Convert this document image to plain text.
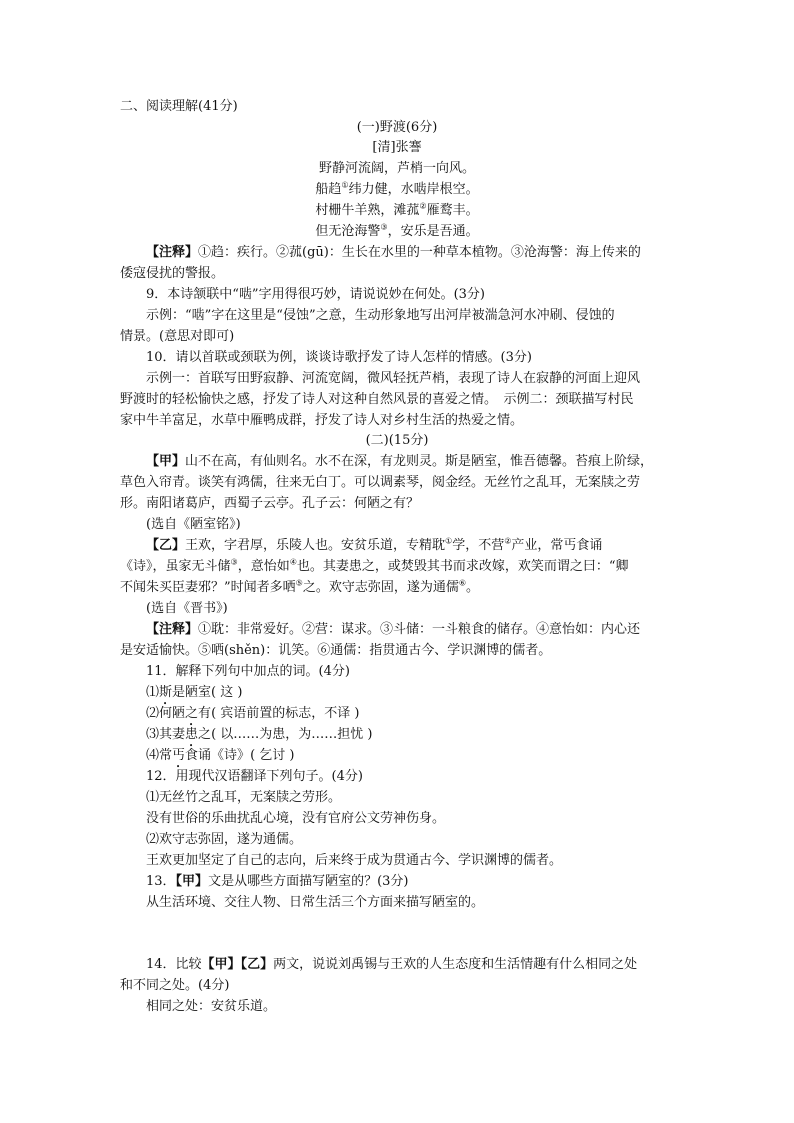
二、阅读理解(41分)
(一)野渡(6分)
[清]张謇
野静河流阔，芦梢一向风。
船趋①纬力健，水啮岸根空。
村栅牛羊熟，滩菰②雁鹜丰。
但无沧海警③，安乐是吾通。
【注释】①趋：疾行。②菰(gū)：生长在水里的一种草本植物。③沧海警：海上传来的
倭寇侵扰的警报。
9．本诗颔联中“啮”字用得很巧妙，请说说妙在何处。(3分)
示例：“啮”字在这里是“侵蚀”之意，生动形象地写出河岸被湍急河水冲刷、侵蚀的
情景。(意思对即可)
10．请以首联或颈联为例，谈谈诗歌抒发了诗人怎样的情感。(3分)
示例一：首联写田野寂静、河流宽阔，微风轻抚芦梢，表现了诗人在寂静的河面上迎风
野渡时的轻松愉快之感，抒发了诗人对这种自然风景的喜爱之情。　示例二：颈联描写村民
家中牛羊富足，水草中雁鸭成群，抒发了诗人对乡村生活的热爱之情。
(二)(15分)
【甲】山不在高，有仙则名。水不在深，有龙则灵。斯是陋室，惟吾德馨。苔痕上阶绿，
草色入帘青。谈笑有鸿儒，往来无白丁。可以调素琴，阅金经。无丝竹之乱耳，无案牍之劳
形。南阳诸葛庐，西蜀子云亭。孔子云：何陋之有？
(选自《陋室铭》)
【乙】王欢，字君厚，乐陵人也。安贫乐道，专精耽①学，不营②产业，常丐食诵
《诗》，虽家无斗储③，意怡如④也。其妻患之，或焚毁其书而求改嫁，欢笑而谓之曰：“卿
不闻朱买臣妻邪？”时闻者多哂⑤之。欢守志弥固，遂为通儒⑥。
(选自《晋书》)
【注释】①耽：非常爱好。②营：谋求。③斗储：一斗粮食的储存。④意怡如：内心还
是安适愉快。⑤哂(shěn)：讥笑。⑥通儒：指贯通古今、学识渊博的儒者。
11．解释下列句中加点的词。(4分)
⑴斯是陋室( 这 )
⑵何陋之有( 宾语前置的标志，不译 )
⑶其妻患之( 以……为患，为……担忧 )
⑷常丐食诵《诗》( 乞讨 )
12．用现代汉语翻译下列句子。(4分)
⑴无丝竹之乱耳，无案牍之劳形。
没有世俗的乐曲扰乱心境，没有官府公文劳神伤身。
⑵欢守志弥固，遂为通儒。
王欢更加坚定了自己的志向，后来终于成为贯通古今、学识渊博的儒者。
13．【甲】文是从哪些方面描写陋室的？(3分)
从生活环境、交往人物、日常生活三个方面来描写陋室的。
14．比较【甲】【乙】两文，说说刘禹锡与王欢的人生态度和生活情趣有什么相同之处
和不同之处。(4分)
相同之处：安贫乐道。
